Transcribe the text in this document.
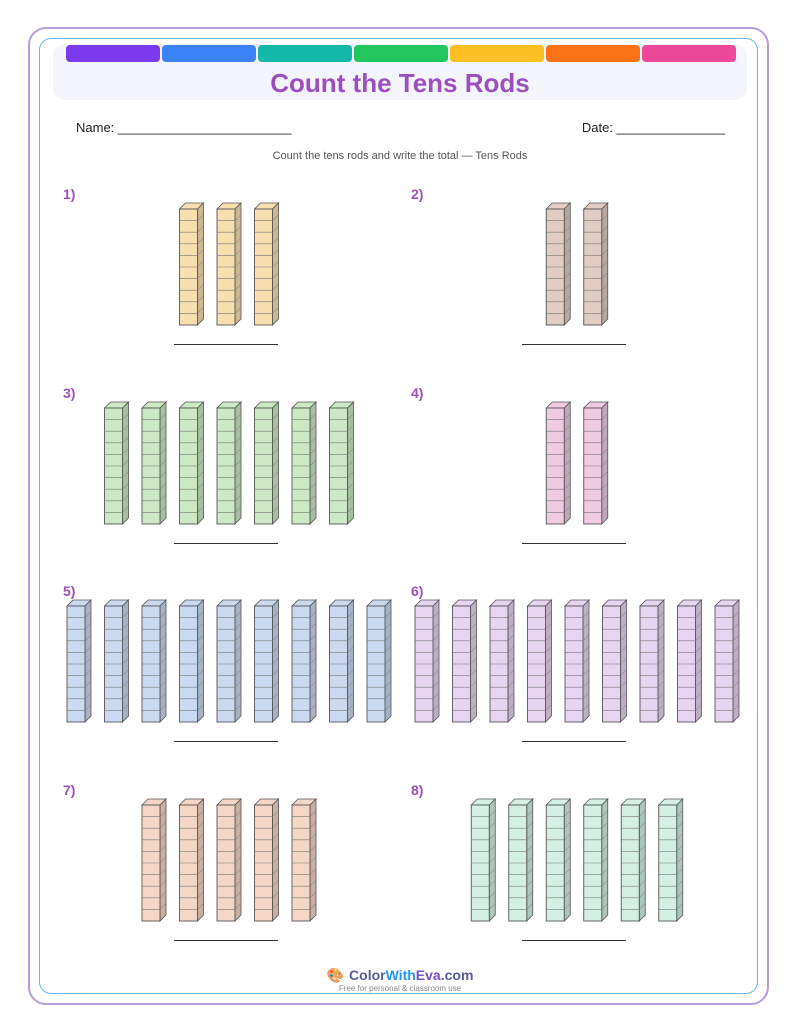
Count the Tens Rods
Name: ________________________	Date: _______________
Count the tens rods and write the total — Tens Rods
1)	2)
3)	4)
5)	6)
7)	8)
🎨 ColorWithEva.com
Free for personal & classroom use
